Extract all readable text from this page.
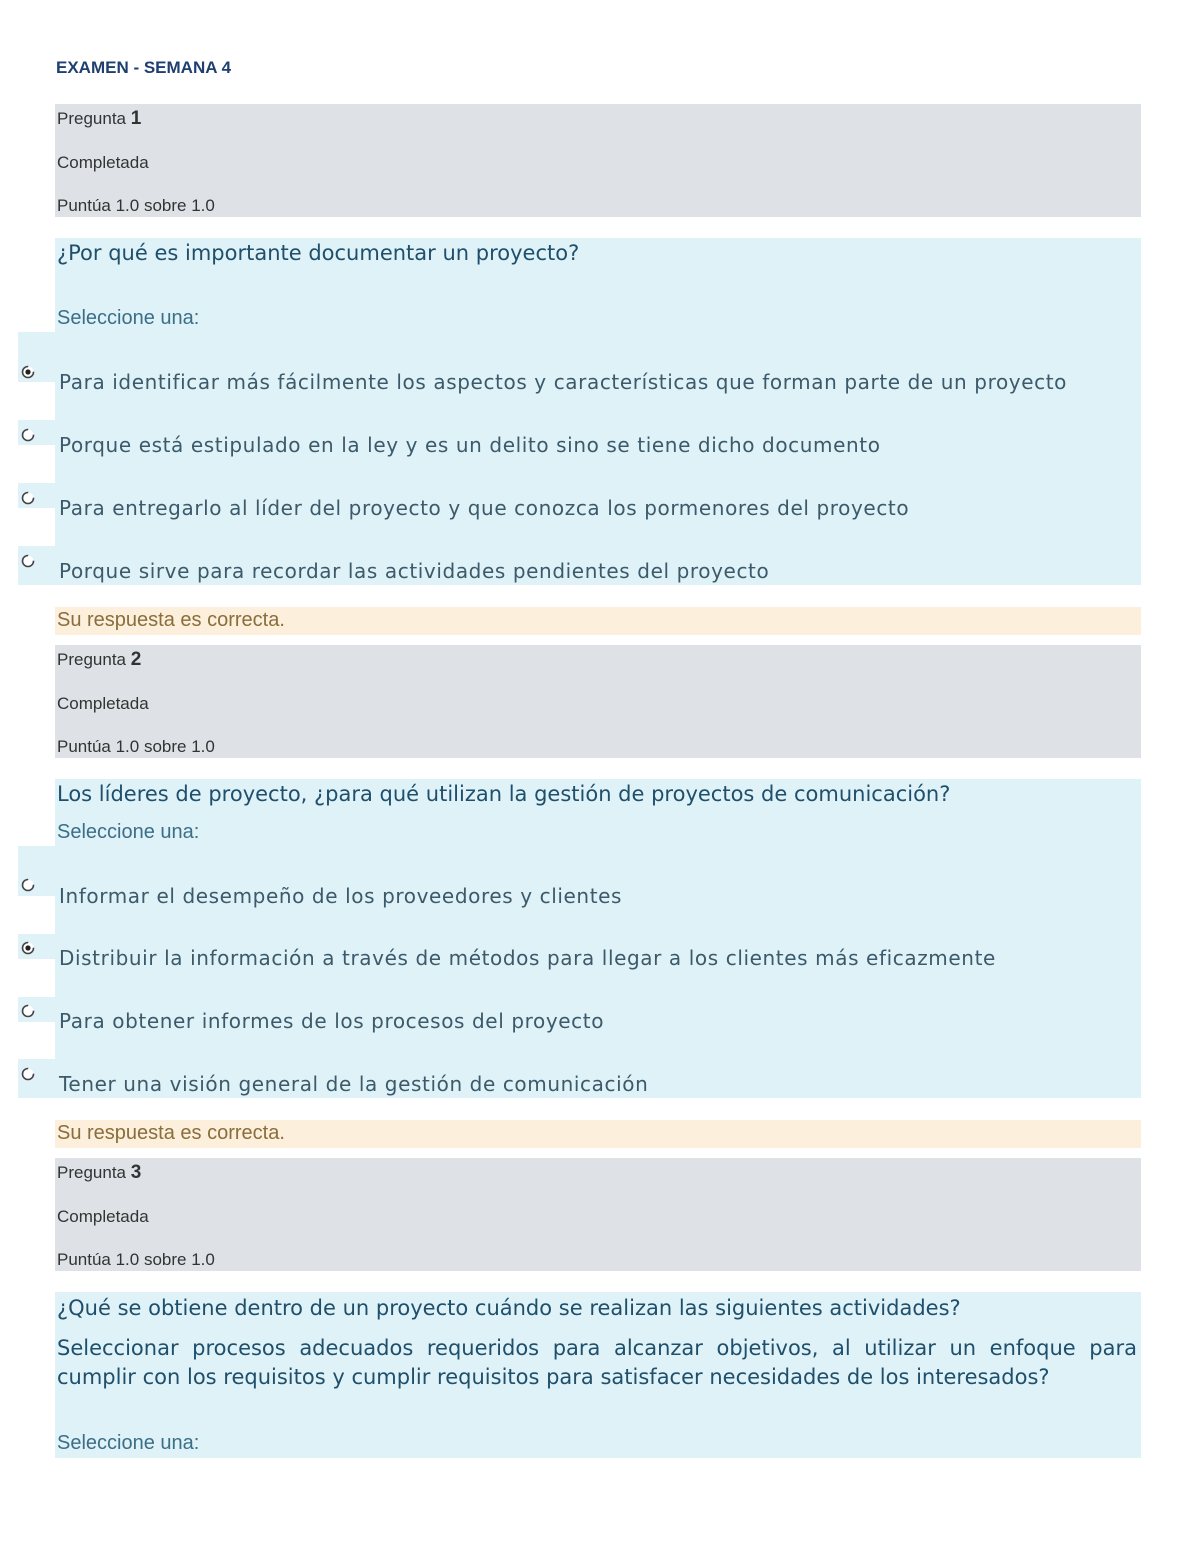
EXAMEN - SEMANA 4
Pregunta 1
Completada
Puntúa 1.0 sobre 1.0
¿Por qué es importante documentar un proyecto?
Seleccione una:
Para identificar más fácilmente los aspectos y características que forman parte de un proyecto
Porque está estipulado en la ley y es un delito sino se tiene dicho documento
Para entregarlo al líder del proyecto y que conozca los pormenores del proyecto
Porque sirve para recordar las actividades pendientes del proyecto
Su respuesta es correcta.
Pregunta 2
Completada
Puntúa 1.0 sobre 1.0
Los líderes de proyecto, ¿para qué utilizan la gestión de proyectos de comunicación?
Seleccione una:
Informar el desempeño de los proveedores y clientes
Distribuir la información a través de métodos para llegar a los clientes más eficazmente
Para obtener informes de los procesos del proyecto
Tener una visión general de la gestión de comunicación
Su respuesta es correcta.
Pregunta 3
Completada
Puntúa 1.0 sobre 1.0
¿Qué se obtiene dentro de un proyecto cuándo se realizan las siguientes actividades?
Seleccionar procesos adecuados requeridos para alcanzar objetivos, al utilizar un enfoque para cumplir con los requisitos y cumplir requisitos para satisfacer necesidades de los interesados?
Seleccione una:
